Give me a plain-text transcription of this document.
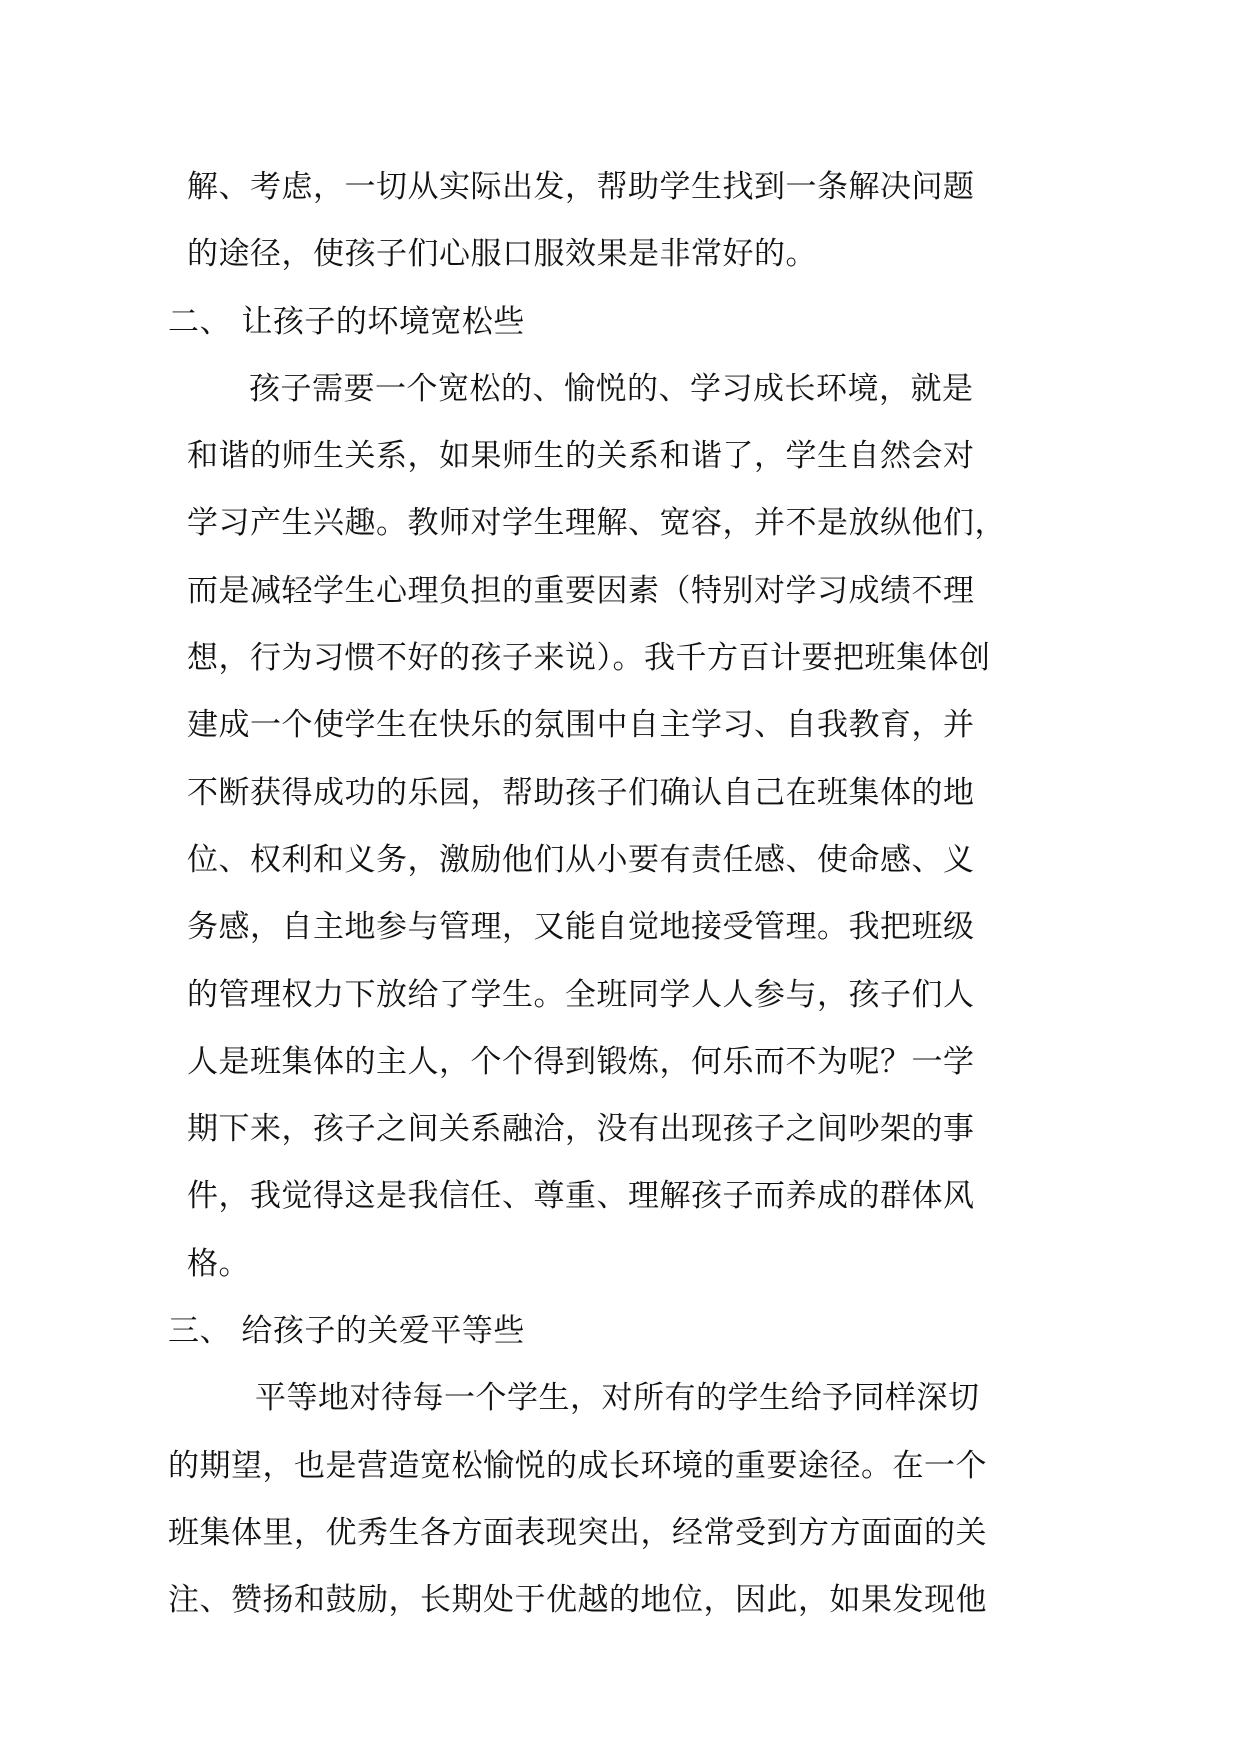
解、考虑，一切从实际出发，帮助学生找到一条解决问题
的途径，使孩子们心服口服效果是非常好的。
二、 让孩子的坏境宽松些
孩子需要一个宽松的、愉悦的、学习成长环境，就是
和谐的师生关系，如果师生的关系和谐了，学生自然会对
学习产生兴趣。教师对学生理解、宽容，并不是放纵他们，
而是减轻学生心理负担的重要因素（特别对学习成绩不理
想，行为习惯不好的孩子来说）。我千方百计要把班集体创
建成一个使学生在快乐的氛围中自主学习、自我教育，并
不断获得成功的乐园，帮助孩子们确认自己在班集体的地
位、权利和义务，激励他们从小要有责任感、使命感、义
务感，自主地参与管理，又能自觉地接受管理。我把班级
的管理权力下放给了学生。全班同学人人参与，孩子们人
人是班集体的主人，个个得到锻炼，何乐而不为呢？一学
期下来，孩子之间关系融洽，没有出现孩子之间吵架的事
件，我觉得这是我信任、尊重、理解孩子而养成的群体风
格。
三、 给孩子的关爱平等些
平等地对待每一个学生，对所有的学生给予同样深切
的期望，也是营造宽松愉悦的成长环境的重要途径。在一个
班集体里，优秀生各方面表现突出，经常受到方方面面的关
注、赞扬和鼓励，长期处于优越的地位，因此，如果发现他
